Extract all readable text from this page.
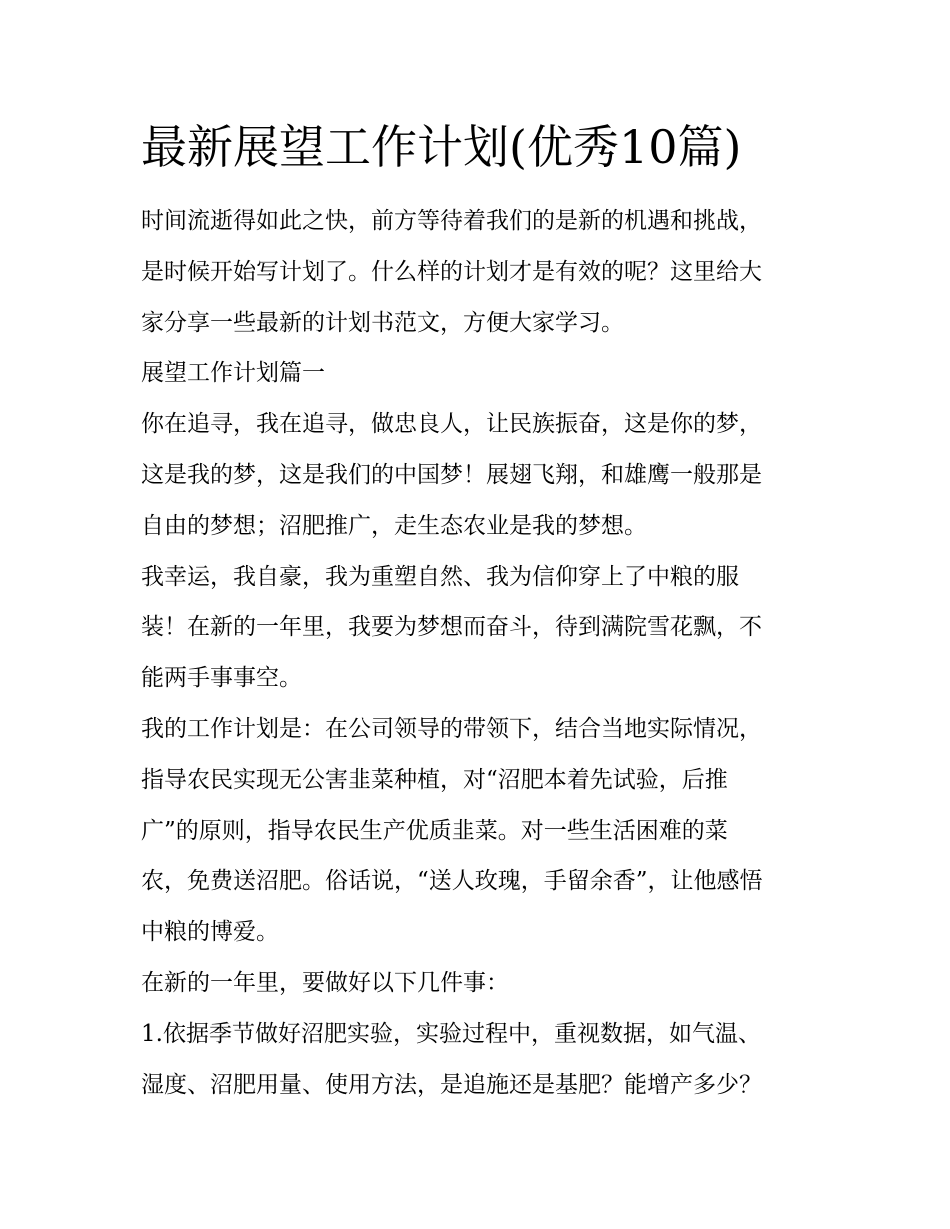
最新展望工作计划(优秀10篇)
时间流逝得如此之快，前方等待着我们的是新的机遇和挑战，
是时候开始写计划了。什么样的计划才是有效的呢？这里给大
家分享一些最新的计划书范文，方便大家学习。
展望工作计划篇一
你在追寻，我在追寻，做忠良人，让民族振奋，这是你的梦，
这是我的梦，这是我们的中国梦！展翅飞翔，和雄鹰一般那是
自由的梦想；沼肥推广，走生态农业是我的梦想。
我幸运，我自豪，我为重塑自然、我为信仰穿上了中粮的服
装！在新的一年里，我要为梦想而奋斗，待到满院雪花飘，不
能两手事事空。
我的工作计划是：在公司领导的带领下，结合当地实际情况，
指导农民实现无公害韭菜种植，对“沼肥本着先试验，后推
广”的原则，指导农民生产优质韭菜。对一些生活困难的菜
农，免费送沼肥。俗话说，“送人玫瑰，手留余香”，让他感悟
中粮的博爱。
在新的一年里，要做好以下几件事：
1.依据季节做好沼肥实验，实验过程中，重视数据，如气温、
湿度、沼肥用量、使用方法，是追施还是基肥？能增产多少？
